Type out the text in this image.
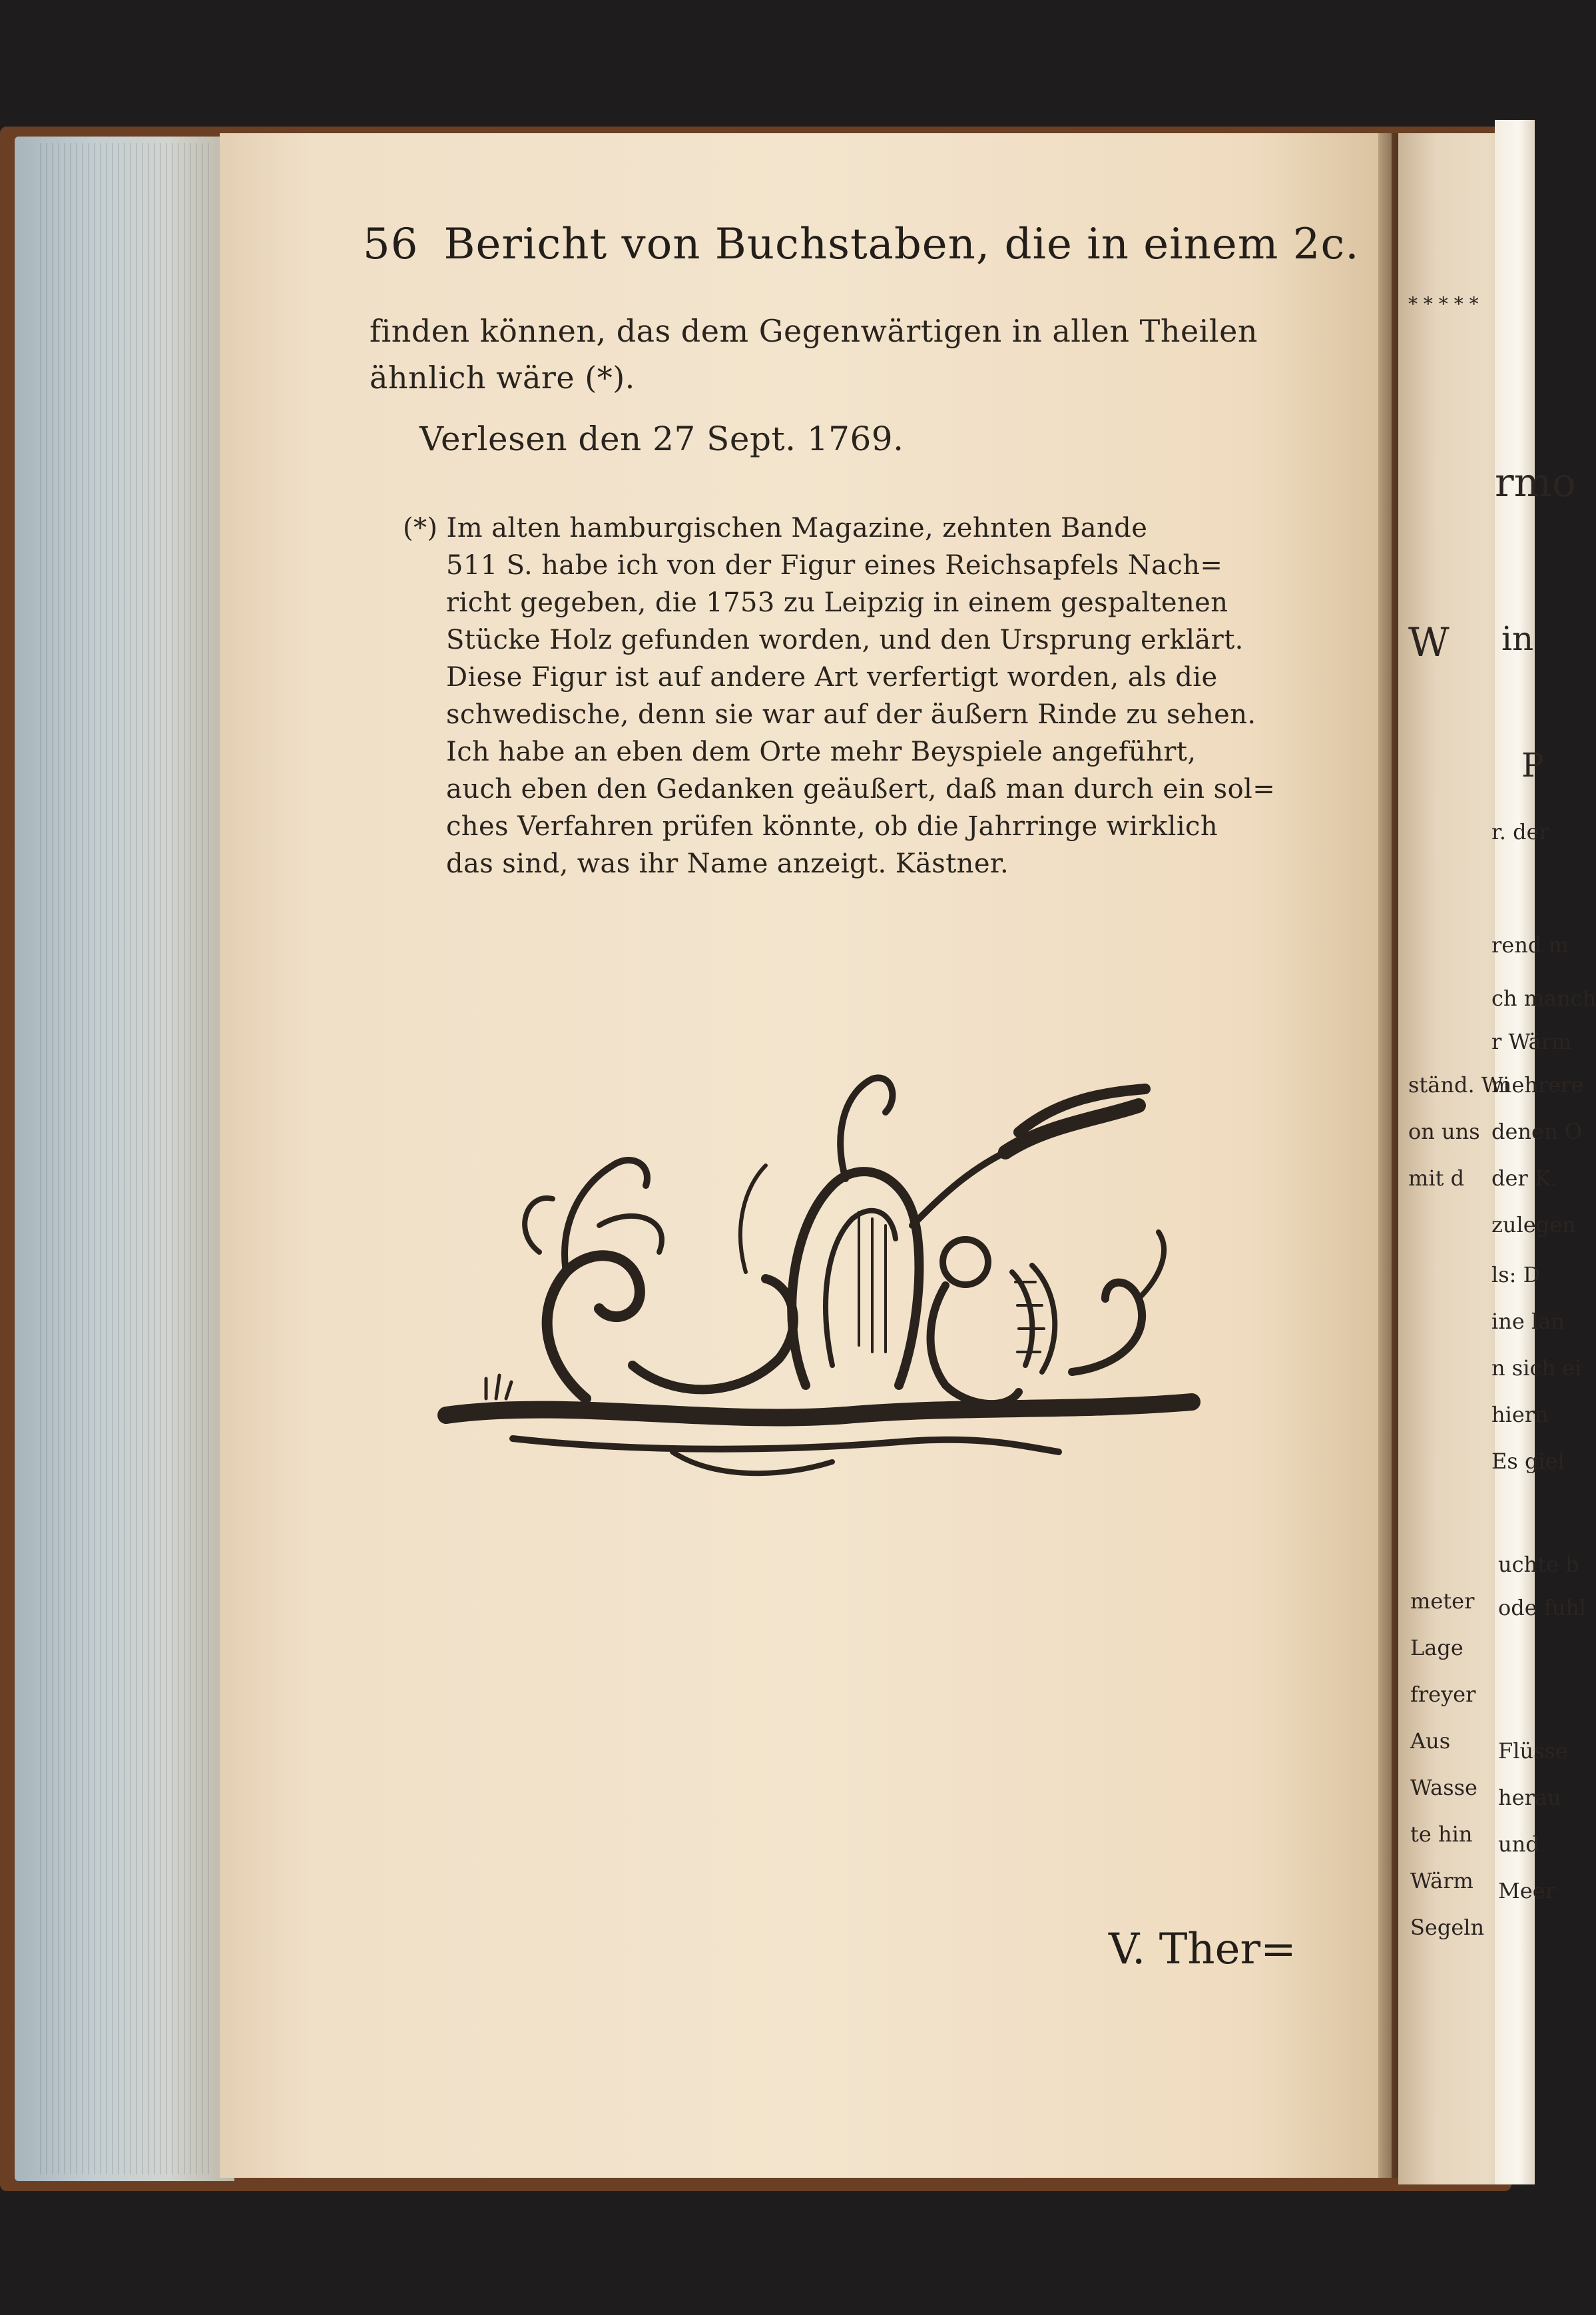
56 Bericht von Buchstaben, die in einem 2c.
finden können, das dem Gegenwärtigen in allen Theilen
ähnlich wäre (*).
Verlesen den 27 Sept. 1769.
(*) Im alten hamburgischen Magazine, zehnten Bande
511 S. habe ich von der Figur eines Reichsapfels Nach=
richt gegeben, die 1753 zu Leipzig in einem gespaltenen
Stücke Holz gefunden worden, und den Ursprung erklärt.
Diese Figur ist auf andere Art verfertigt worden, als die
schwedische, denn sie war auf der äußern Rinde zu sehen.
Ich habe an eben dem Orte mehr Beyspiele angeführt,
auch eben den Gedanken geäußert, daß man durch ein sol=
ches Verfahren prüfen könnte, ob die Jahrringe wirklich
das sind, was ihr Name anzeigt. Kästner.
V. Ther=
* * * * *
rmo
W in
P
r. der
rend m
ch manch
r Wärm
ständ. Wi
mehrere
on uns denen O
mit d der K.
zulegen
ls: D
ine lan
n sich ei
hiern
Es giel
uchte b
ode fuhl
meter
Lage
freyer
Aus Flüsse
Wasse herau
te hin und
Wärm Meer
Segeln
